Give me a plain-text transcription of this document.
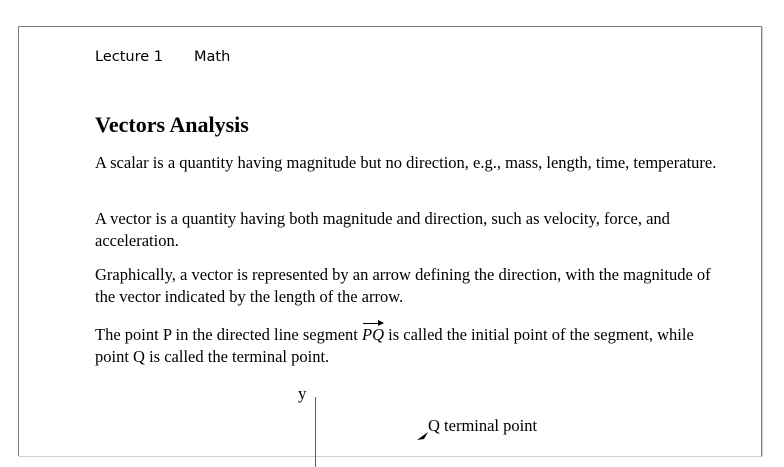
Lecture 1 Math
Vectors Analysis

A scalar is a quantity having magnitude but no direction, e.g., mass, length, time, temperature.

A vector is a quantity having both magnitude and direction, such as velocity, force, and acceleration.

Graphically, a vector is represented by an arrow defining the direction, with the magnitude of the vector indicated by the length of the arrow.

The point P in the directed line segment PQ is called the initial point of the segment, while point Q is called the terminal point.

y
Q terminal point
